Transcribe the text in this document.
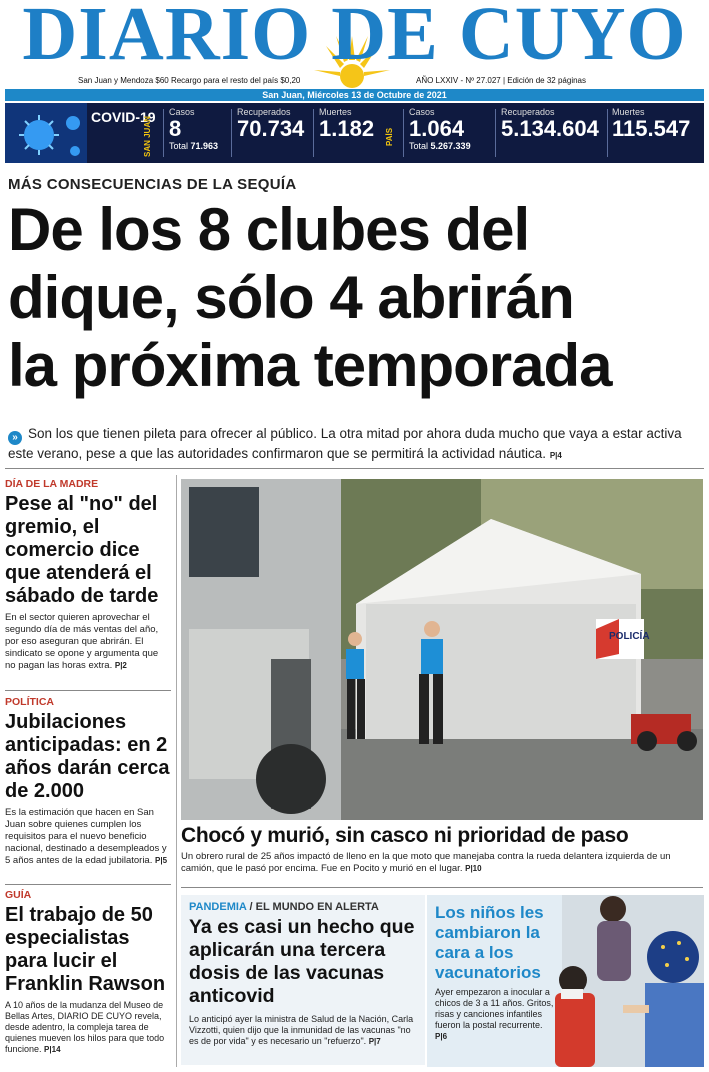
DIARIO DE CUYO
San Juan y Mendoza $60 Recargo para el resto del país $0,20	AÑO LXXIV - Nº 27.027 | Edición de 32 páginas
San Juan, Miércoles 13 de Octubre de 2021
COVID-19
SAN JUAN
Casos
8
Total 71.963
Recuperados
70.734
Muertes
1.182 PAÍS
Casos
1.064
Total 5.267.339
Recuperados
5.134.604
Muertes
115.547
MÁS CONSECUENCIAS DE LA SEQUÍA
De los 8 clubes del
dique, sólo 4 abrirán
la próxima temporada

» Son los que tienen pileta para ofrecer al público. La otra mitad por ahora duda mucho que vaya a estar activa este verano, pese a que las autoridades confirmaron que se permitirá la actividad náutica. P|4

DÍA DE LA MADRE
Pese al "no" del gremio, el comercio dice que atenderá el sábado de tarde
En el sector quieren aprovechar el segundo día de más ventas del año, por eso aseguran que abrirán. El sindicato se opone y argumenta que no pagan las horas extra. P|2
POLÍTICA
Jubilaciones anticipadas: en 2 años darán cerca de 2.000
Es la estimación que hacen en San Juan sobre quienes cumplen los requisitos para el nuevo beneficio nacional, destinado a desempleados y 5 años antes de la edad jubilatoria. P|5
GUÍA
El trabajo de 50 especialistas para lucir el Franklin Rawson
A 10 años de la mudanza del Museo de Bellas Artes, DIARIO DE CUYO revela, desde adentro, la compleja tarea de quienes mueven los hilos para que todo funcione. P|14
POLICÍA
Chocó y murió, sin casco ni prioridad de paso
Un obrero rural de 25 años impactó de lleno en la que moto que manejaba contra la rueda delantera izquierda de un camión, que le pasó por encima. Fue en Pocito y murió en el lugar. P|10
PANDEMIA / EL MUNDO EN ALERTA
Ya es casi un hecho que aplicarán una tercera dosis de las vacunas anticovid
Lo anticipó ayer la ministra de Salud de la Nación, Carla Vizzotti, quien dijo que la inmunidad de las vacunas "no es de por vida" y es necesario un "refuerzo". P|7
Los niños les cambiaron la cara a los vacunatorios
Ayer empezaron a inocular a chicos de 3 a 11 años. Gritos, risas y canciones infantiles fueron la postal recurrente. P|6
